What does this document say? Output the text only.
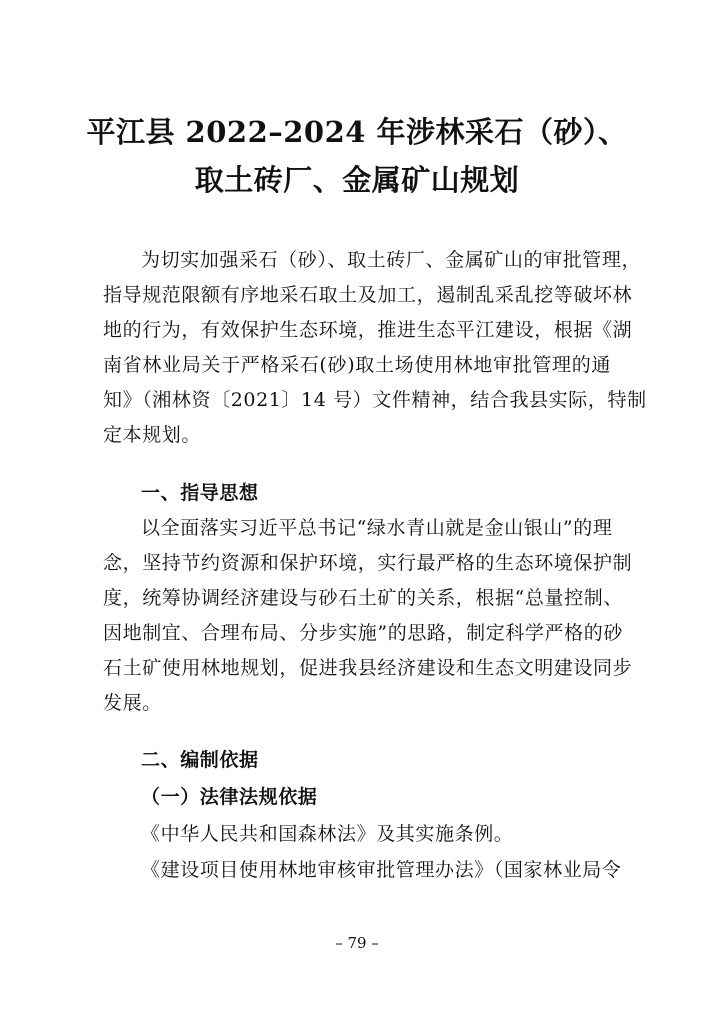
平江县 2022–2024 年涉林采石（砂）、
取土砖厂、金属矿山规划
为切实加强采石（砂）、取土砖厂、金属矿山的审批管理，
指导规范限额有序地采石取土及加工，遏制乱采乱挖等破坏林
地的行为，有效保护生态环境，推进生态平江建设，根据《湖
南省林业局关于严格采石(砂)取土场使用林地审批管理的通
知》（湘林资〔2021〕14 号）文件精神，结合我县实际，特制
定本规划。
一、指导思想
以全面落实习近平总书记“绿水青山就是金山银山”的理
念，坚持节约资源和保护环境，实行最严格的生态环境保护制
度，统筹协调经济建设与砂石土矿的关系，根据“总量控制、
因地制宜、合理布局、分步实施”的思路，制定科学严格的砂
石土矿使用林地规划，促进我县经济建设和生态文明建设同步
发展。
二、编制依据
（一）法律法规依据
《中华人民共和国森林法》及其实施条例。
《建设项目使用林地审核审批管理办法》（国家林业局令
– 79 –
